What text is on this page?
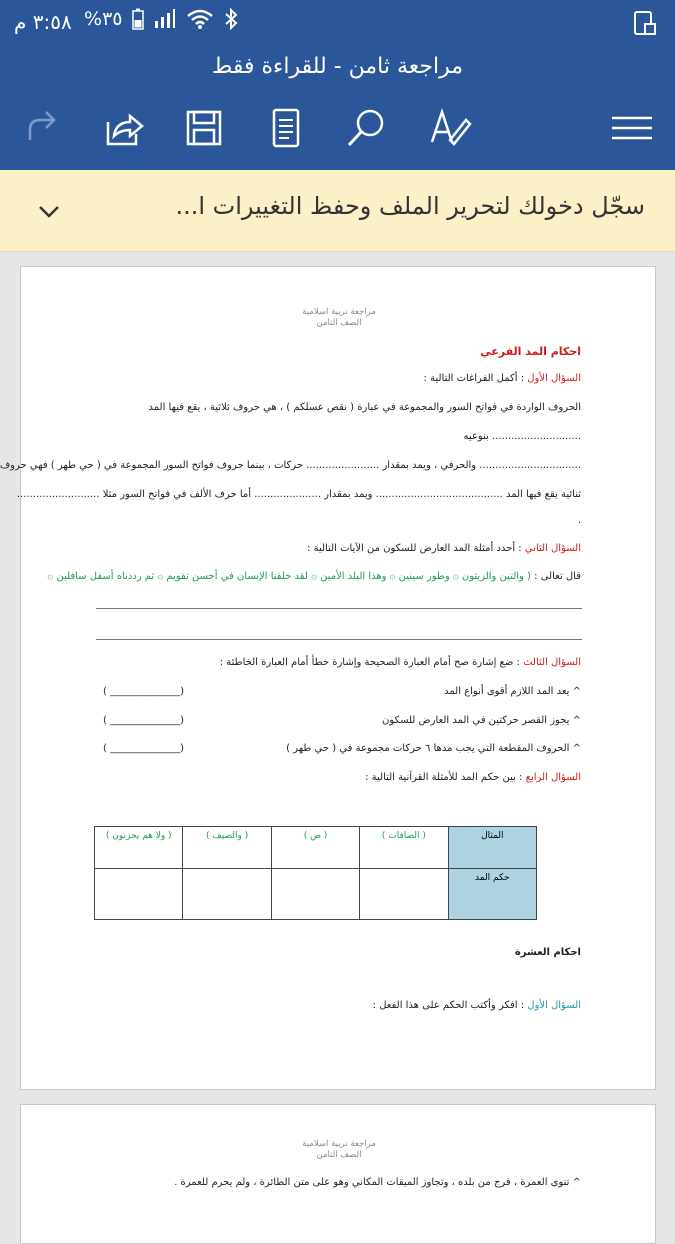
٣:٥٨ م ٣٥%
مراجعة ثامن - للقراءة فقط
سجّل دخولك لتحرير الملف وحفظ التغييرات ا...
مراجعة تربية اسلامية
الصف الثامن
احكام المد الفرعي
السؤال الأول : أكمل الفراغات التالية :
الحروف الواردة في فواتح السور والمجموعة في عبارة ( نقص عسلكم ) ، هي حروف ثلاثية ، يقع فيها المد
............................ بنوعيه
................................ والحرفي ، ويمد بمقدار ....................... حركات ، بينما حروف فواتح السور المجموعة في ( حي طهر ) فهي حروف
ثنائية يقع فيها المد ........................................ ويمد بمقدار ..................... أما حرف الألف في فواتح السور مثلا ..........................
.
السؤال الثاني : أحدد أمثلة المد العارض للسكون من الآيات التالية :
قال تعالى : ( والتين والزيتون ۞ وطور سينين ۞ وهذا البلد الأمين ۞ لقد خلقنا الإنسان في أحسن تقويم ۞ ثم رددناه أسفل سافلين ۞
السؤال الثالث : ضع إشارة صح أمام العبارة الصحيحة وإشارة خطأ أمام العبارة الخاطئة :
^ يعد المد اللازم أقوى أنواع المد
(______________ )
^ يجوز القصر حركتين في المد العارض للسكون
(______________ )
^ الحروف المقطعة التي يجب مدها ٦ حركات مجموعة في ( حي طهر )
(______________ )
السؤال الرابع : بين حكم المد للأمثلة القرآنية التالية :
المثال	( الصافات )	( ص )	( والصيف )	( ولا هم يحزنون )
حكم المد				
احكام العشرة
السؤال الأول : افكر وأكتب الحكم على هذا الفعل :
مراجعة تربية اسلامية
الصف الثامن
^ تنوى العمرة ، فرج من بلده ، وتجاوز الميقات المكاني وهو على متن الطائرة ، ولم يحرم للعمرة .
